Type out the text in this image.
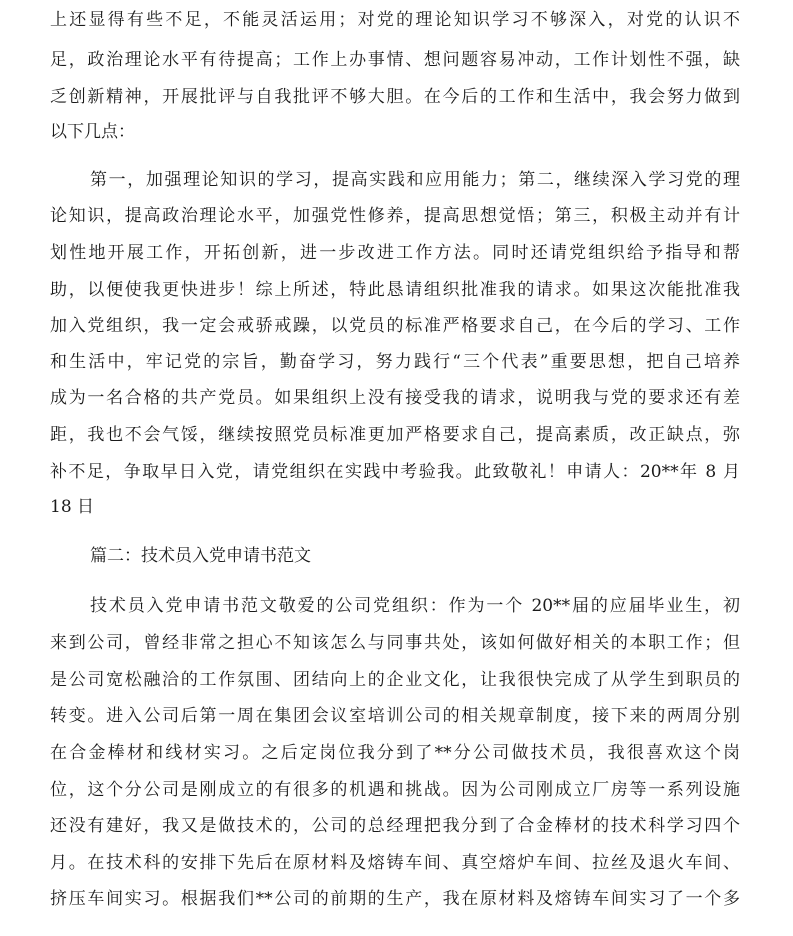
上还显得有些不足，不能灵活运用；对党的理论知识学习不够深入，对党的认识不
足，政治理论水平有待提高；工作上办事情、想问题容易冲动，工作计划性不强，缺
乏创新精神，开展批评与自我批评不够大胆。在今后的工作和生活中，我会努力做到
以下几点：
第一，加强理论知识的学习，提高实践和应用能力；第二，继续深入学习党的理
论知识，提高政治理论水平，加强党性修养，提高思想觉悟；第三，积极主动并有计
划性地开展工作，开拓创新，进一步改进工作方法。同时还请党组织给予指导和帮
助，以便使我更快进步！综上所述，特此恳请组织批准我的请求。如果这次能批准我
加入党组织，我一定会戒骄戒躁，以党员的标准严格要求自己，在今后的学习、工作
和生活中，牢记党的宗旨，勤奋学习，努力践行“三个代表”重要思想，把自己培养
成为一名合格的共产党员。如果组织上没有接受我的请求，说明我与党的要求还有差
距，我也不会气馁，继续按照党员标准更加严格要求自己，提高素质，改正缺点，弥
补不足，争取早日入党，请党组织在实践中考验我。此致敬礼！申请人：20**年 8 月
18 日
篇二：技术员入党申请书范文
技术员入党申请书范文敬爱的公司党组织：作为一个 20**届的应届毕业生，初
来到公司，曾经非常之担心不知该怎么与同事共处，该如何做好相关的本职工作；但
是公司宽松融洽的工作氛围、团结向上的企业文化，让我很快完成了从学生到职员的
转变。进入公司后第一周在集团会议室培训公司的相关规章制度，接下来的两周分别
在合金棒材和线材实习。之后定岗位我分到了**分公司做技术员，我很喜欢这个岗
位，这个分公司是刚成立的有很多的机遇和挑战。因为公司刚成立厂房等一系列设施
还没有建好，我又是做技术的，公司的总经理把我分到了合金棒材的技术科学习四个
月。在技术科的安排下先后在原材料及熔铸车间、真空熔炉车间、拉丝及退火车间、
挤压车间实习。根据我们**公司的前期的生产，我在原材料及熔铸车间实习了一个多
